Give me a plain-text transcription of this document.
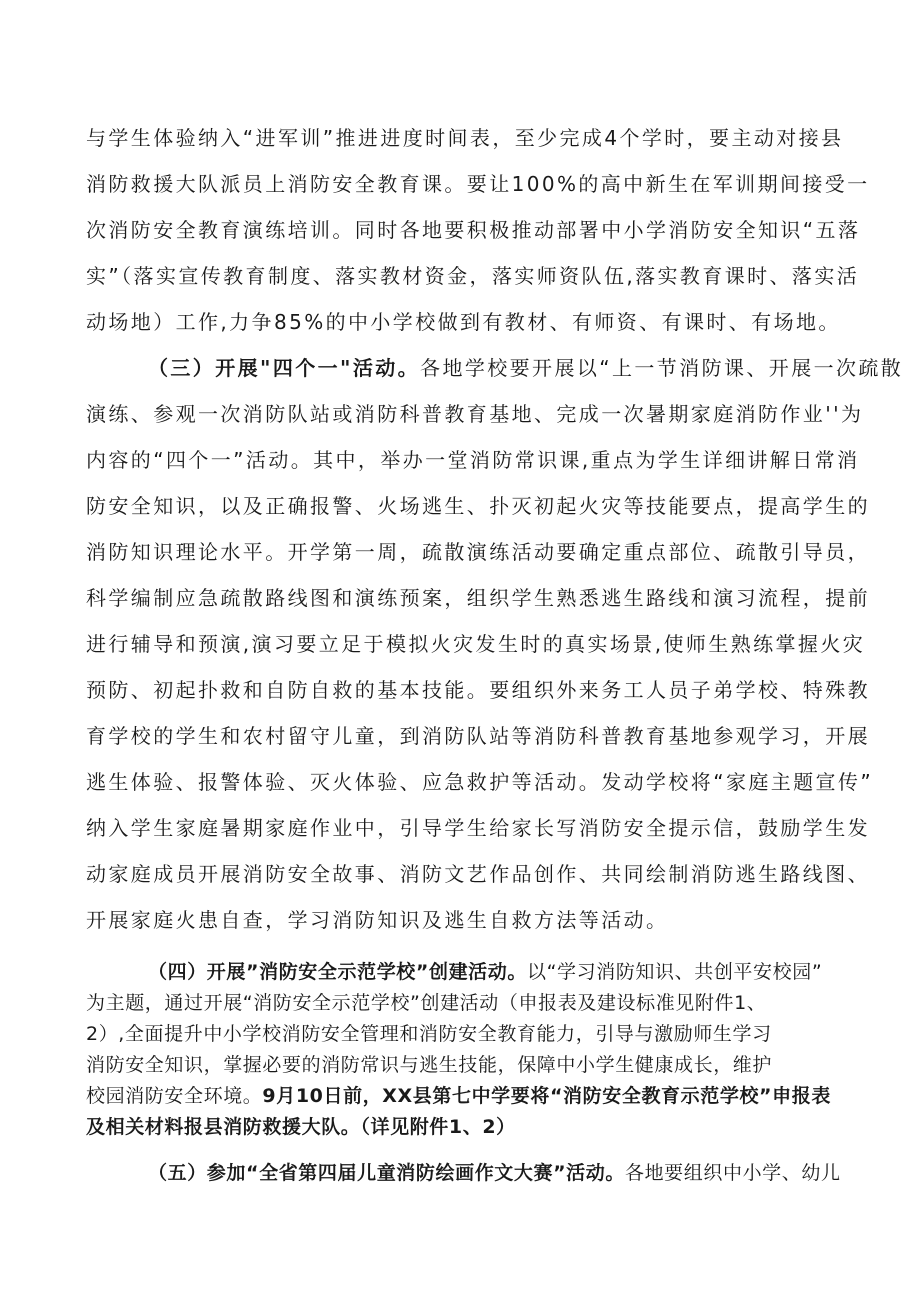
与学生体验纳入“进军训”推进进度时间表，至少完成4个学时，要主动对接县
消防救援大队派员上消防安全教育课。要让100%的高中新生在军训期间接受一
次消防安全教育演练培训。同时各地要积极推动部署中小学消防安全知识“五落
实”（落实宣传教育制度、落实教材资金，落实师资队伍,落实教育课时、落实活
动场地）工作,力争85%的中小学校做到有教材、有师资、有课时、有场地。
（三）开展"四个一"活动。各地学校要开展以“上一节消防课、开展一次疏散
演练、参观一次消防队站或消防科普教育基地、完成一次暑期家庭消防作业''为
内容的“四个一”活动。其中，举办一堂消防常识课,重点为学生详细讲解日常消
防安全知识，以及正确报警、火场逃生、扑灭初起火灾等技能要点，提高学生的
消防知识理论水平。开学第一周，疏散演练活动要确定重点部位、疏散引导员，
科学编制应急疏散路线图和演练预案，组织学生熟悉逃生路线和演习流程，提前
进行辅导和预演,演习要立足于模拟火灾发生时的真实场景,使师生熟练掌握火灾
预防、初起扑救和自防自救的基本技能。要组织外来务工人员子弟学校、特殊教
育学校的学生和农村留守儿童，到消防队站等消防科普教育基地参观学习，开展
逃生体验、报警体验、灭火体验、应急救护等活动。发动学校将“家庭主题宣传”
纳入学生家庭暑期家庭作业中，引导学生给家长写消防安全提示信，鼓励学生发
动家庭成员开展消防安全故事、消防文艺作品创作、共同绘制消防逃生路线图、
开展家庭火患自查，学习消防知识及逃生自救方法等活动。
（四）开展”消防安全示范学校”创建活动。以“学习消防知识、共创平安校园”
为主题，通过开展“消防安全示范学校”创建活动（申报表及建设标准见附件1、
2）,全面提升中小学校消防安全管理和消防安全教育能力，引导与激励师生学习
消防安全知识，掌握必要的消防常识与逃生技能，保障中小学生健康成长，维护
校园消防安全环境。9月10日前，XX县第七中学要将“消防安全教育示范学校”申报表
及相关材料报县消防救援大队。（详见附件1、2）
（五）参加“全省第四届儿童消防绘画作文大赛”活动。各地要组织中小学、幼儿
